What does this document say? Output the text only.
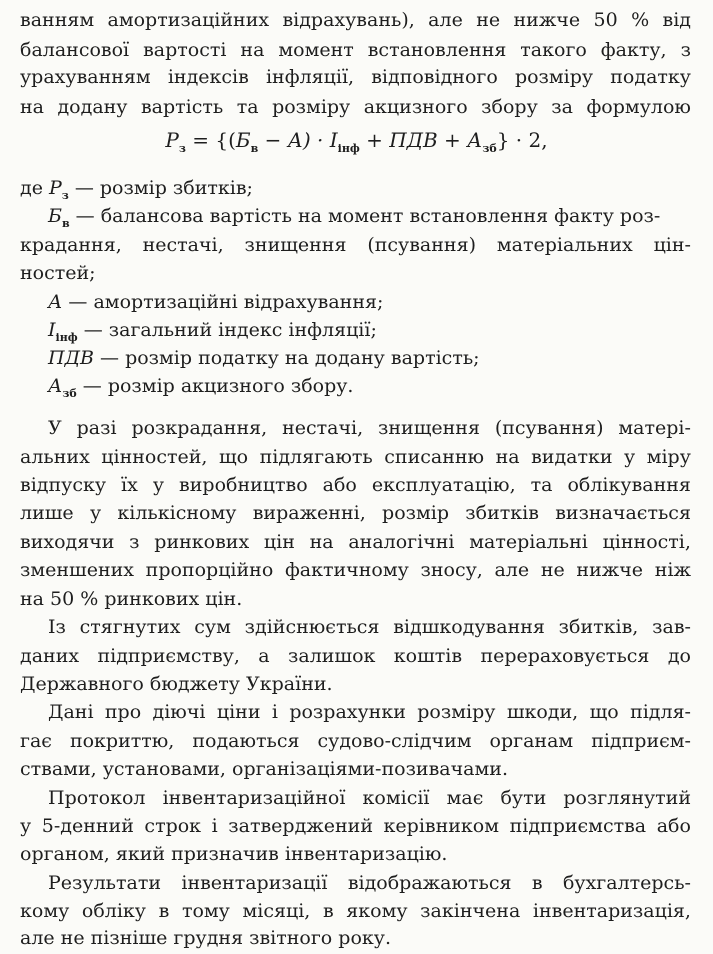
ванням амортизаційних відрахувань), але не нижче 50 % від
балансової вартості на момент встановлення такого факту, з
урахуванням індексів інфляції, відповідного розміру податку
на додану вартість та розміру акцизного збору за формулою
$P_з = \{(Б_в - А) \cdot І_{інф}$ + ПДВ + $А_{зб}\} \cdot 2$,
де $P_з$ — розмір збитків;
$Б_в$ — балансова вартість на момент встановлення факту роз-
крадання, нестачі, знищення (псування) матеріальних цін-
ностей;
А — амортизаційні відрахування;
$І_{інф}$ — загальний індекс інфляції;
ПДВ — розмір податку на додану вартість;
$А_{зб}$ — розмір акцизного збору.
У разі розкрадання, нестачі, знищення (псування) матері-
альних цінностей, що підлягають списанню на видатки у міру
відпуску їх у виробництво або експлуатацію, та облікування
лише у кількісному вираженні, розмір збитків визначається
виходячи з ринкових цін на аналогічні матеріальні цінності,
зменшених пропорційно фактичному зносу, але не нижче ніж
на 50 % ринкових цін.
Із стягнутих сум здійснюється відшкодування збитків, зав-
даних підприємству, а залишок коштів перераховується до
Державного бюджету України.
Дані про діючі ціни і розрахунки розміру шкоди, що підля-
гає покриттю, подаються судово-слідчим органам підприєм-
ствами, установами, організаціями-позивачами.
Протокол інвентаризаційної комісії має бути розглянутий
у 5-денний строк і затверджений керівником підприємства або
органом, який призначив інвентаризацію.
Результати інвентаризації відображаються в бухгалтерсь-
кому обліку в тому місяці, в якому закінчена інвентаризація,
але не пізніше грудня звітного року.
